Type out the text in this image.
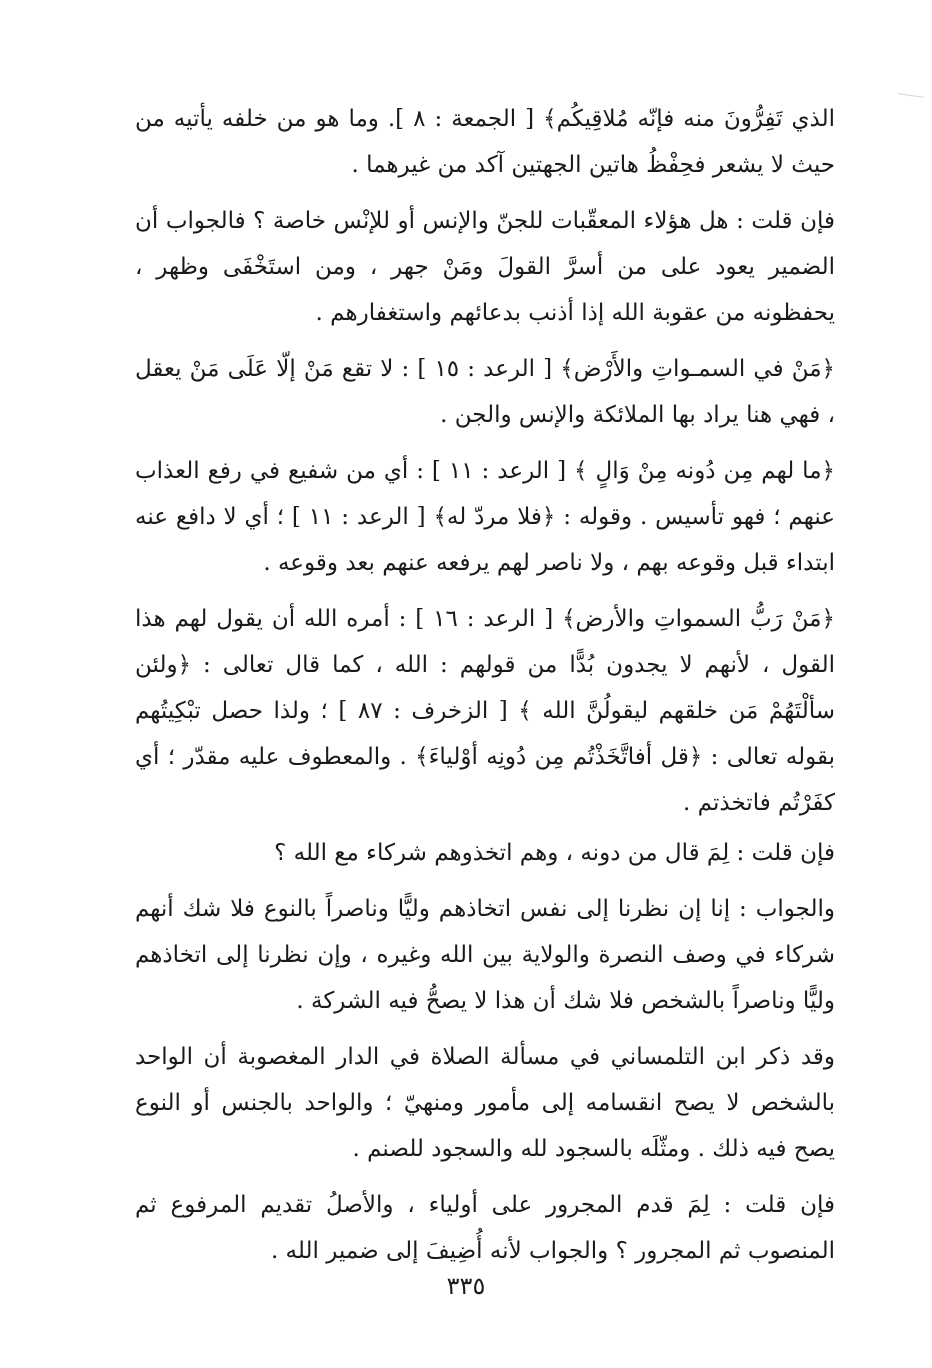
الذي تَفِرُّونَ منه فإنّه مُلاقِيكُم﴾ [ الجمعة : ٨ ]. وما هو من خلفه يأتيه من حيث لا يشعر فحِفْظُ هاتين الجهتين آكد من غيرهما .

فإن قلت : هل هؤلاء المعقّبات للجنّ والإنس أو للإنْس خاصة ؟ فالجواب أن الضمير يعود على من أسرَّ القولَ ومَنْ جهر ، ومن استَخْفَى وظهر ، يحفظونه من عقوبة الله إذا أذنب بدعائهم واستغفارهم .

﴿مَنْ في السمـواتِ والأَرْض﴾ [ الرعد : ١٥ ] : لا تقع مَنْ إلّا عَلَى مَنْ يعقل ، فهي هنا يراد بها الملائكة والإنس والجن .

﴿ما لهم مِن دُونه مِنْ وَالٍ ﴾ [ الرعد : ١١ ] : أي من شفيع في رفع العذاب عنهم ؛ فهو تأسيس . وقوله : ﴿فلا مردّ له﴾ [ الرعد : ١١ ] ؛ أي لا دافع عنه ابتداء قبل وقوعه بهم ، ولا ناصر لهم يرفعه عنهم بعد وقوعه .

﴿مَنْ رَبُّ السمواتِ والأرض﴾ [ الرعد : ١٦ ] : أمره الله أن يقول لهم هذا القول ، لأنهم لا يجدون بُدًّا من قولهم : الله ، كما قال تعالى : ﴿ولئن سألْتَهُمْ مَن خلقهم ليقولُنَّ الله ﴾ [ الزخرف : ٨٧ ] ؛ ولذا حصل تبْكِيتُهم بقوله تعالى : ﴿قل أفاتَّخَذْتُم مِن دُونِه أوْلياءَ﴾ . والمعطوف عليه مقدّر ؛ أي كفَرْتُم فاتخذتم .

فإن قلت : لِمَ قال من دونه ، وهم اتخذوهم شركاء مع الله ؟

والجواب : إنا إن نظرنا إلى نفس اتخاذهم وليًّا وناصراً بالنوع فلا شك أنهم شركاء في وصف النصرة والولاية بين الله وغيره ، وإن نظرنا إلى اتخاذهم وليًّا وناصراً بالشخص فلا شك أن هذا لا يصحُّ فيه الشركة .

وقد ذكر ابن التلمساني في مسألة الصلاة في الدار المغصوبة أن الواحد بالشخص لا يصح انقسامه إلى مأمور ومنهيّ ؛ والواحد بالجنس أو النوع يصح فيه ذلك . ومثّلَه بالسجود لله والسجود للصنم .

فإن قلت : لِمَ قدم المجرور على أولياء ، والأصلُ تقديم المرفوع ثم المنصوب ثم المجرور ؟ والجواب لأنه أُضِيفَ إلى ضمير الله .

٣٣٥
